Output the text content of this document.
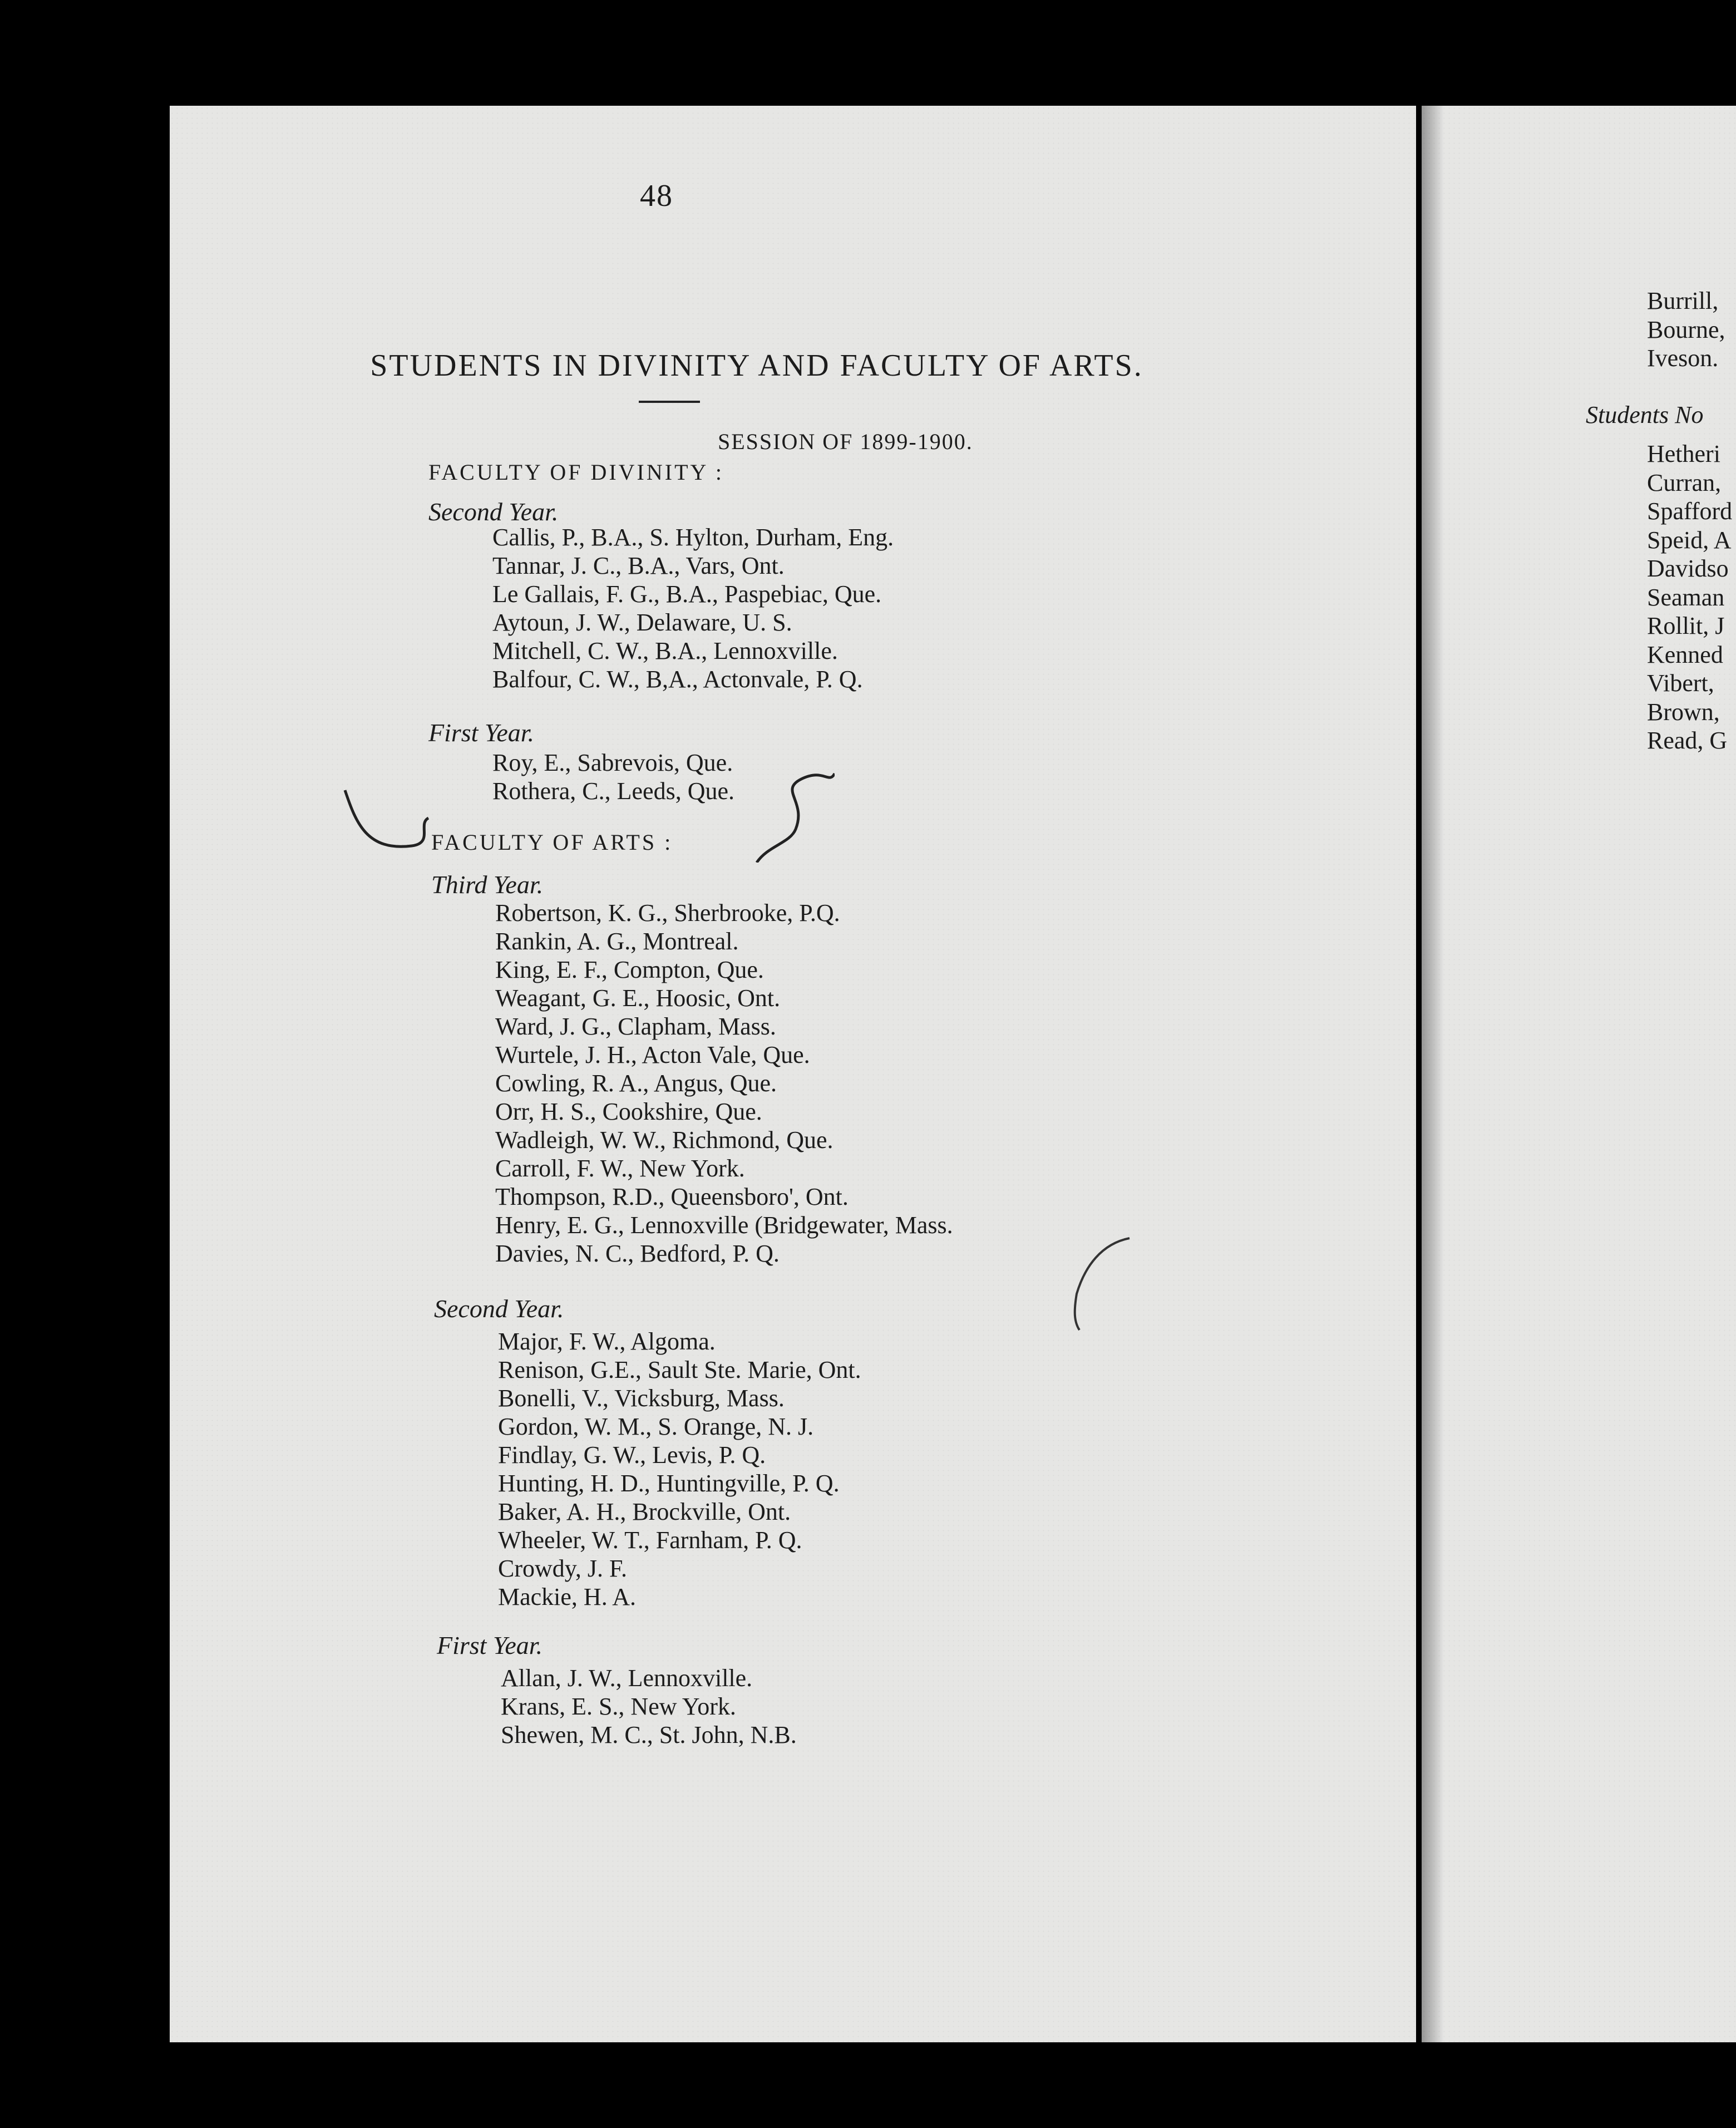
48
STUDENTS IN DIVINITY AND FACULTY OF ARTS.
SESSION OF 1899-1900.
FACULTY OF DIVINITY :
Second Year.
Callis, P., B.A., S. Hylton, Durham, Eng.
Tannar, J. C., B.A., Vars, Ont.
Le Gallais, F. G., B.A., Paspebiac, Que.
Aytoun, J. W., Delaware, U. S.
Mitchell, C. W., B.A., Lennoxville.
Balfour, C. W., B,A., Actonvale, P. Q.
First Year.
Roy, E., Sabrevois, Que.
Rothera, C., Leeds, Que.
FACULTY OF ARTS :
Third Year.
Robertson, K. G., Sherbrooke, P.Q.
Rankin, A. G., Montreal.
King, E. F., Compton, Que.
Weagant, G. E., Hoosic, Ont.
Ward, J. G., Clapham, Mass.
Wurtele, J. H., Acton Vale, Que.
Cowling, R. A., Angus, Que.
Orr, H. S., Cookshire, Que.
Wadleigh, W. W., Richmond, Que.
Carroll, F. W., New York.
Thompson, R.D., Queensboro', Ont.
Henry, E. G., Lennoxville (Bridgewater, Mass.
Davies, N. C., Bedford, P. Q.
Second Year.
Major, F. W., Algoma.
Renison, G.E., Sault Ste. Marie, Ont.
Bonelli, V., Vicksburg, Mass.
Gordon, W. M., S. Orange, N. J.
Findlay, G. W., Levis, P. Q.
Hunting, H. D., Huntingville, P. Q.
Baker, A. H., Brockville, Ont.
Wheeler, W. T., Farnham, P. Q.
Crowdy, J. F.
Mackie, H. A.
First Year.
Allan, J. W., Lennoxville.
Krans, E. S., New York.
Shewen, M. C., St. John, N.B.
Burrill,
Bourne,
Iveson.
Students No
Hetheri
Curran,
Spafford
Speid, A
Davidso
Seaman
Rollit, J
Kenned
Vibert,
Brown,
Read, G
